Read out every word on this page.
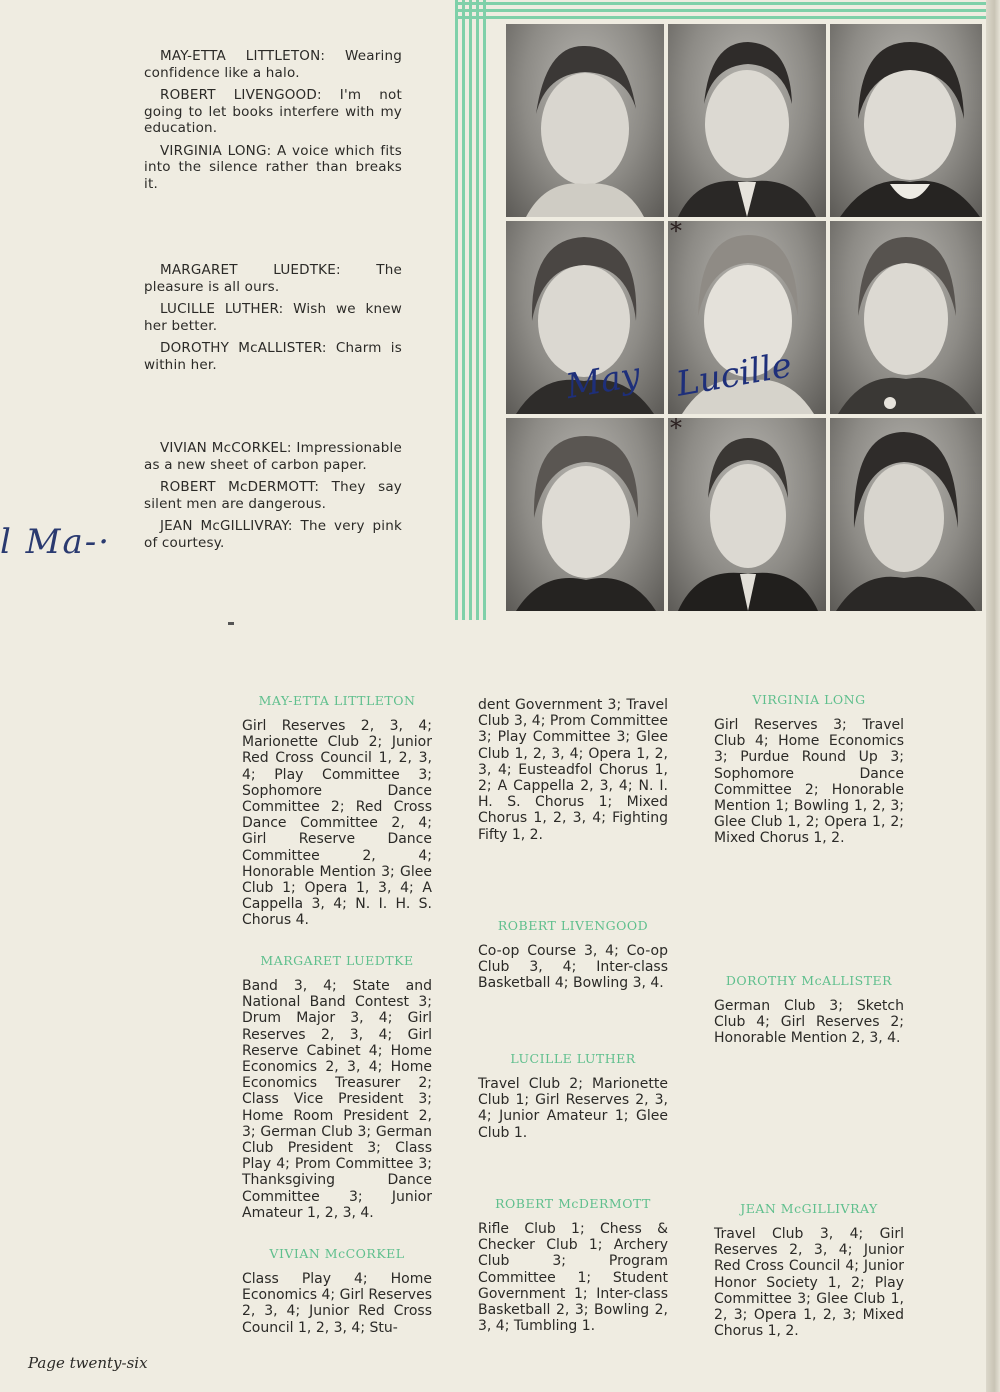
MAY-ETTA LITTLETON: Wearing confidence like a halo.

ROBERT LIVENGOOD: I'm not going to let books interfere with my education.

VIRGINIA LONG: A voice which fits into the silence rather than breaks it.

MARGARET LUEDTKE: The pleasure is all ours.

LUCILLE LUTHER: Wish we knew her better.

DOROTHY McALLISTER: Charm is within her.

VIVIAN McCORKEL: Impressionable as a new sheet of carbon paper.

ROBERT McDERMOTT: They say silent men are dangerous.

JEAN McGILLIVRAY: The very pink of courtesy.

l Ma-·
May
*
Lucille
*
MAY-ETTA LITTLETON

Girl Reserves 2, 3, 4; Marionette Club 2; Junior Red Cross Council 1, 2, 3, 4; Play Committee 3; Sophomore Dance Committee 2; Red Cross Dance Committee 2, 4; Girl Reserve Dance Committee 2, 4; Honorable Mention 3; Glee Club 1; Opera 1, 3, 4; A Cappella 3, 4; N. I. H. S. Chorus 4.

MARGARET LUEDTKE

Band 3, 4; State and National Band Contest 3; Drum Major 3, 4; Girl Reserves 2, 3, 4; Girl Reserve Cabinet 4; Home Economics 2, 3, 4; Home Economics Treasurer 2; Class Vice President 3; Home Room President 2, 3; German Club 3; German Club President 3; Class Play 4; Prom Committee 3; Thanksgiving Dance Committee 3; Junior Amateur 1, 2, 3, 4.

VIVIAN McCORKEL

Class Play 4; Home Economics 4; Girl Reserves 2, 3, 4; Junior Red Cross Council 1, 2, 3, 4; Stu-

dent Government 3; Travel Club 3, 4; Prom Committee 3; Play Committee 3; Glee Club 1, 2, 3, 4; Opera 1, 2, 3, 4; Eusteadfol Chorus 1, 2; A Cappella 2, 3, 4; N. I. H. S. Chorus 1; Mixed Chorus 1, 2, 3, 4; Fighting Fifty 1, 2.

ROBERT LIVENGOOD

Co-op Course 3, 4; Co-op Club 3, 4; Inter-class Basketball 4; Bowling 3, 4.

LUCILLE LUTHER

Travel Club 2; Marionette Club 1; Girl Reserves 2, 3, 4; Junior Amateur 1; Glee Club 1.

ROBERT McDERMOTT

Rifle Club 1; Chess & Checker Club 1; Archery Club 3; Program Committee 1; Student Government 1; Inter-class Basketball 2, 3; Bowling 2, 3, 4; Tumbling 1.

VIRGINIA LONG

Girl Reserves 3; Travel Club 4; Home Economics 3; Purdue Round Up 3; Sophomore Dance Committee 2; Honorable Mention 1; Bowling 1, 2, 3; Glee Club 1, 2; Opera 1, 2; Mixed Chorus 1, 2.

DOROTHY McALLISTER

German Club 3; Sketch Club 4; Girl Reserves 2; Honorable Mention 2, 3, 4.

JEAN McGILLIVRAY

Travel Club 3, 4; Girl Reserves 2, 3, 4; Junior Red Cross Council 4; Junior Honor Society 1, 2; Play Committee 3; Glee Club 1, 2, 3; Opera 1, 2, 3; Mixed Chorus 1, 2.

Page twenty-six
